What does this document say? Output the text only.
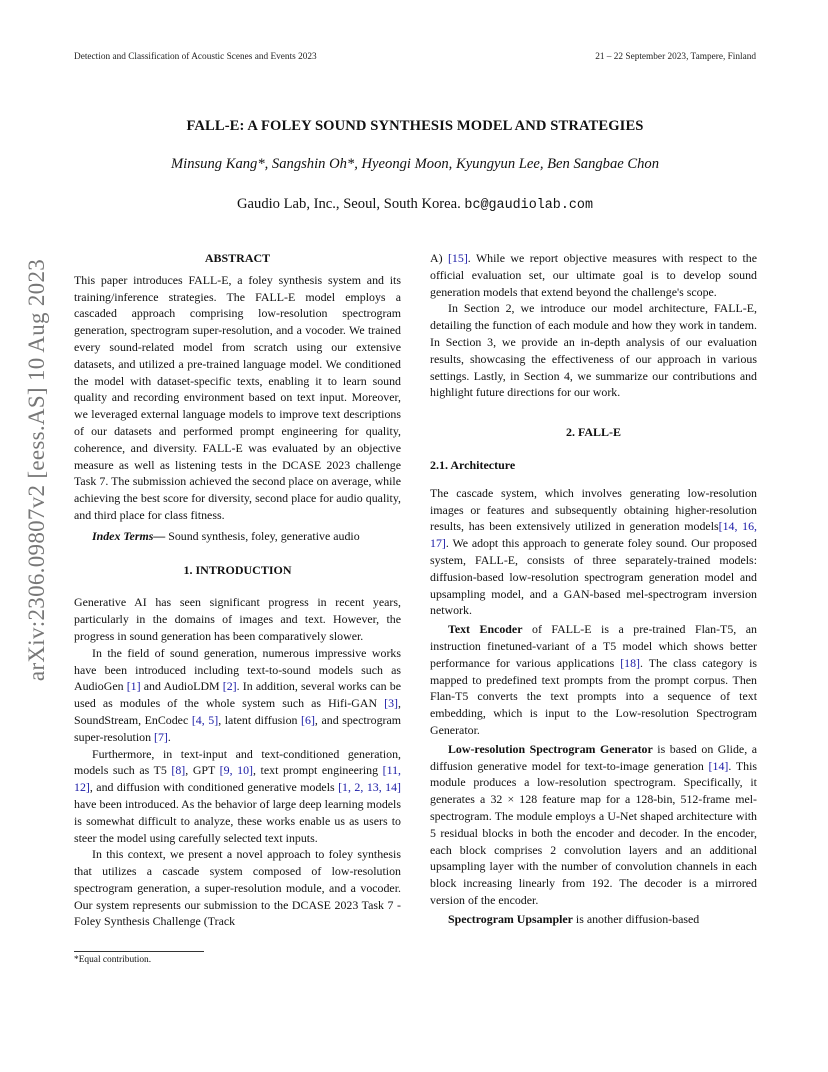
Detection and Classification of Acoustic Scenes and Events 2023	21 – 22 September 2023, Tampere, Finland
arXiv:2306.09807v2 [eess.AS] 10 Aug 2023
FALL-E: A FOLEY SOUND SYNTHESIS MODEL AND STRATEGIES
Minsung Kang*, Sangshin Oh*, Hyeongi Moon, Kyungyun Lee, Ben Sangbae Chon
Gaudio Lab, Inc., Seoul, South Korea. bc@gaudiolab.com
ABSTRACT

This paper introduces FALL-E, a foley synthesis system and its training/inference strategies. The FALL-E model employs a cascaded approach comprising low-resolution spectrogram generation, spectrogram super-resolution, and a vocoder. We trained every sound-related model from scratch using our extensive datasets, and utilized a pre-trained language model. We conditioned the model with dataset-specific texts, enabling it to learn sound quality and recording environment based on text input. Moreover, we leveraged external language models to improve text descriptions of our datasets and performed prompt engineering for quality, coherence, and diversity. FALL-E was evaluated by an objective measure as well as listening tests in the DCASE 2023 challenge Task 7. The submission achieved the second place on average, while achieving the best score for diversity, second place for audio quality, and third place for class fitness.

Index Terms— Sound synthesis, foley, generative audio

1. INTRODUCTION

Generative AI has seen significant progress in recent years, particularly in the domains of images and text. However, the progress in sound generation has been comparatively slower.

In the field of sound generation, numerous impressive works have been introduced including text-to-sound models such as AudioGen [1] and AudioLDM [2]. In addition, several works can be used as modules of the whole system such as Hifi-GAN [3], SoundStream, EnCodec [4, 5], latent diffusion [6], and spectrogram super-resolution [7].

Furthermore, in text-input and text-conditioned generation, models such as T5 [8], GPT [9, 10], text prompt engineering [11, 12], and diffusion with conditioned generative models [1, 2, 13, 14] have been introduced. As the behavior of large deep learning models is somewhat difficult to analyze, these works enable us as users to steer the model using carefully selected text inputs.

In this context, we present a novel approach to foley synthesis that utilizes a cascade system composed of low-resolution spectrogram generation, a super-resolution module, and a vocoder. Our system represents our submission to the DCASE 2023 Task 7 - Foley Synthesis Challenge (Track

A) [15]. While we report objective measures with respect to the official evaluation set, our ultimate goal is to develop sound generation models that extend beyond the challenge's scope.

In Section 2, we introduce our model architecture, FALL-E, detailing the function of each module and how they work in tandem. In Section 3, we provide an in-depth analysis of our evaluation results, showcasing the effectiveness of our approach in various settings. Lastly, in Section 4, we summarize our contributions and highlight future directions for our work.

2. FALL-E
2.1. Architecture

The cascade system, which involves generating low-resolution images or features and subsequently obtaining higher-resolution results, has been extensively utilized in generation models[14, 16, 17]. We adopt this approach to generate foley sound. Our proposed system, FALL-E, consists of three separately-trained models: diffusion-based low-resolution spectrogram generation model and upsampling model, and a GAN-based mel-spectrogram inversion network.

Text Encoder of FALL-E is a pre-trained Flan-T5, an instruction finetuned-variant of a T5 model which shows better performance for various applications [18]. The class category is mapped to predefined text prompts from the prompt corpus. Then Flan-T5 converts the text prompts into a sequence of text embedding, which is input to the Low-resolution Spectrogram Generator.

Low-resolution Spectrogram Generator is based on Glide, a diffusion generative model for text-to-image generation [14]. This module produces a low-resolution spectrogram. Specifically, it generates a 32 × 128 feature map for a 128-bin, 512-frame mel-spectrogram. The module employs a U-Net shaped architecture with 5 residual blocks in both the encoder and decoder. In the encoder, each block comprises 2 convolution layers and an additional upsampling layer with the number of convolution channels in each block increasing linearly from 192. The decoder is a mirrored version of the encoder.

Spectrogram Upsampler is another diffusion-based

*Equal contribution.
